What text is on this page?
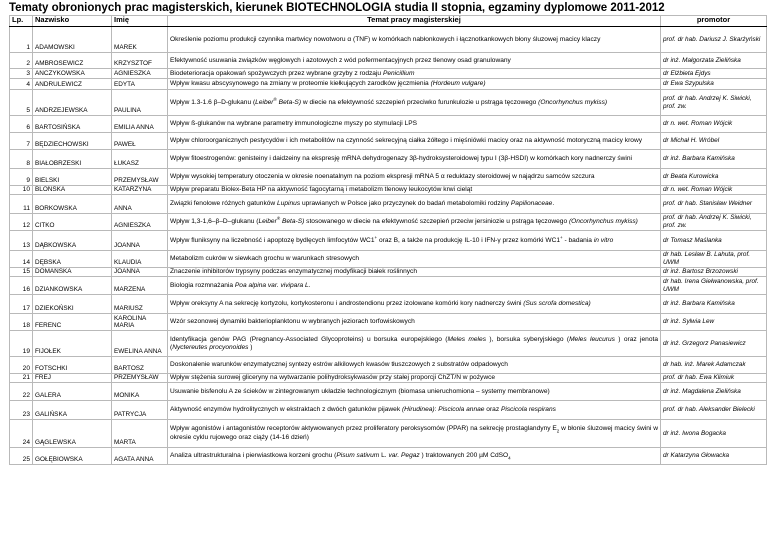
Tematy obronionych prac magisterskich, kierunek BIOTECHNOLOGIA studia II stopnia, egzaminy dyplomowe 2011-2012
Lp.	Nazwisko	Imię	Temat pracy magisterskiej	promotor
1	ADAMOWSKI	MAREK	Określenie poziomu produkcji czynnika martwicy nowotworu α (TNF) w komórkach nabłonkowych i łącznotkankowych błony śluzowej macicy klaczy	prof. dr hab. Dariusz J. Skarżyński
2	AMBROSEWICZ	KRZYSZTOF	Efektywność usuwania związków węglowych i azotowych z wód pofermentacyjnych przez tlenowy osad granulowany	dr inż. Małgorzata Zielińska
3	ANCZYKOWSKA	AGNIESZKA	Biodeterioracja opakowań spożywczych przez wybrane grzyby z rodzaju Penicillium	dr Elżbieta Ejdys
4	ANDRULEWICZ	EDYTA	Wpływ kwasu abscysynowego na zmiany w proteomie kiełkujących zarodków jęczmienia (Hordeum vulgare)	dr Ewa Szypulska
5	ANDRZEJEWSKA	PAULINA	Wpływ 1.3-1.6 β–D-glukanu (Leiber® Beta-S) w diecie na efektywność szczepień przeciwko furunkulozie u pstrąga tęczowego (Oncorhynchus mykiss)	prof. dr hab. Andrzej K. Siwicki, prof. zw.
6	BARTOSIŃSKA	EMILIA ANNA	Wpływ ß-glukanów na wybrane parametry immunologiczne myszy po stymulacji LPS	dr n. wet. Roman Wójcik
7	BĘDZIECHOWSKI	PAWEŁ	Wpływ chloroorganicznych pestycydów i ich metabolitów na czynność sekrecyjną ciałka żółtego i mięśniówki macicy oraz na aktywność motoryczną macicy krowy	dr Michał H. Wróbel
8	BIAŁOBRZESKI	ŁUKASZ	Wpływ fitoestrogenów: genisteiny i daidzeiny na ekspresję mRNA dehydrogenazy 3β-hydroksysteroidowej typu I (3β-HSDI) w komórkach kory nadnerczy świni	dr inż. Barbara Kamińska
9	BIELSKI	PRZEMYSŁAW	Wpływ wysokiej temperatury otoczenia w okresie noenatalnym na poziom ekspresji mRNA 5 α reduktazy steroidowej w najądrzu samców szczura	dr Beata Kurowicka
10	BLOŃSKA	KATARZYNA	Wpływ preparatu Biolex-Beta HP na aktywność fagocytarną i metabolizm tlenowy leukocytów krwi cieląt	dr n. wet. Roman Wójcik
11	BORKOWSKA	ANNA	Związki fenolowe różnych gatunków Lupinus uprawianych w Polsce jako przyczynek do badań metabolomiki rodziny Papilionaceae.	prof. dr hab. Stanisław Weidner
12	CITKO	AGNIESZKA	Wpływ 1,3-1,6–β–D–glukanu (Leiber® Beta-S) stosowanego w diecie na efektywność szczepień przeciw jersiniozie u pstrąga tęczowego (Oncorhynchus mykiss)	prof. dr hab. Andrzej K. Siwicki, prof. zw.
13	DĄBKOWSKA	JOANNA	Wpływ fluniksyny na liczebność i apoptozę bydlęcych limfocytów WC1+ oraz B, a także na produkcję IL-10 i IFN-γ przez komórki WC1+ - badania in vitro	dr Tomasz Maślanka
14	DĘBSKA	KLAUDIA	Metabolizm cukrów w siewkach grochu w warunkach stresowych	dr hab. Lesław B. Lahuta, prof. UWM
15	DOMAŃSKA	JOANNA	Znaczenie inhibitorów trypsyny podczas enzymatycznej modyfikacji białek roślinnych	dr inż. Bartosz Brzozowski
16	DZIANKOWSKA	MARZENA	Biologia rozmnażania Poa alpina var. vivipara L.	dr hab. Irena Giełwanowska, prof. UWM
17	DZIEKOŃSKI	MARIUSZ	Wpływ oreksyny A na sekrecję kortyzolu, kortykosteronu i androstendionu przez izolowane komórki kory nadnerczy świni (Sus scrofa domestica)	dr inż. Barbara Kamińska
18	FERENC	KAROLINA MARIA	Wzór sezonowej dynamiki bakterioplanktonu w wybranych jeziorach torfowiskowych	dr inż. Sylwia Lew
19	FIJOŁEK	EWELINA ANNA	Identyfikacja genów PAG (Pregnancy-Associated Glycoproteins) u borsuka europejskiego (Meles meles ), borsuka syberyjskiego (Meles leucurus ) oraz jenota (Nyctereutes procyonoides )	dr inż. Grzegorz Panasiewicz
20	FOTSCHKI	BARTOSZ	Doskonalenie warunków enzymatycznej syntezy estrów alkilowych kwasów tłuszczowych z substratów odpadowych	dr hab. inż. Marek Adamczak
21	FREJ	PRZEMYSŁAW	Wpływ stężenia surowej gliceryny na wytwarzanie polihydroksykwasów przy stałej proporcji ChZT/N w pożywce	prof. dr hab. Ewa Klimiuk
22	GALERA	MONIKA	Usuwanie bisfenolu A ze ścieków w zintegrowanym układzie technologicznym (biomasa unieruchomiona – systemy membranowe)	dr inż. Magdalena Zielińska
23	GALIŃSKA	PATRYCJA	Aktywność enzymów hydrolitycznych w ekstraktach z dwóch gatunków pijawek (Hirudinea): Piscicola annae oraz Piscicola respirans	prof. dr hab. Aleksander Bielecki
24	GĄGLEWSKA	MARTA	Wpływ agonistów i antagonistów receptorów aktywowanych przez proliferatory peroksysomów (PPAR) na sekrecję prostaglandyny $E_2$ w błonie śluzowej macicy świni w okresie cyklu rujowego oraz ciąży (14-16 dzień)	dr inż. Iwona Bogacka
25	GOŁĘBIOWSKA	AGATA ANNA	Analiza ultrastrukturalna i pierwiastkowa korzeni grochu (Pisum sativum L. var. Pegaz ) traktowanych 200 µM CdSO$_4$	dr Katarzyna Głowacka
